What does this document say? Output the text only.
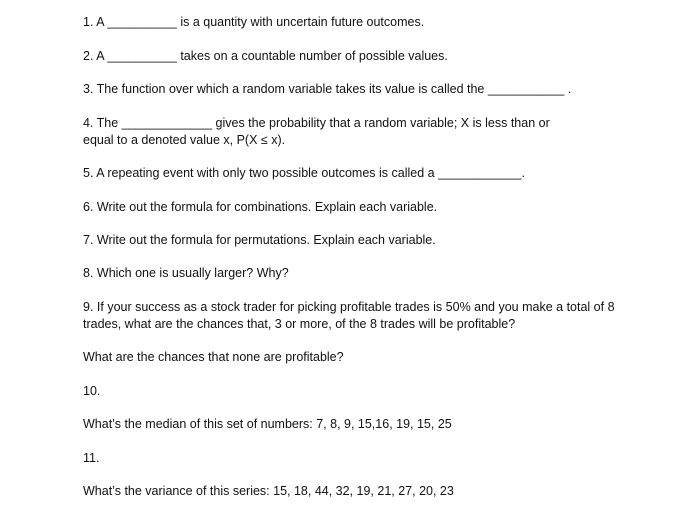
1. A __________ is a quantity with uncertain future outcomes.
2. A __________ takes on a countable number of possible values.
3. The function over which a random variable takes its value is called the ___________ .
4. The _____________ gives the probability that a random variable; X is less than or
equal to a denoted value x, P(X ≤ x).
5. A repeating event with only two possible outcomes is called a ____________.
6. Write out the formula for combinations. Explain each variable.
7. Write out the formula for permutations. Explain each variable.
8. Which one is usually larger? Why?
9. If your success as a stock trader for picking profitable trades is 50% and you make a total of 8
trades, what are the chances that, 3 or more, of the 8 trades will be profitable?
What are the chances that none are profitable?
10.
What’s the median of this set of numbers: 7, 8, 9, 15,16, 19, 15, 25
11.
What’s the variance of this series: 15, 18, 44, 32, 19, 21, 27, 20, 23
